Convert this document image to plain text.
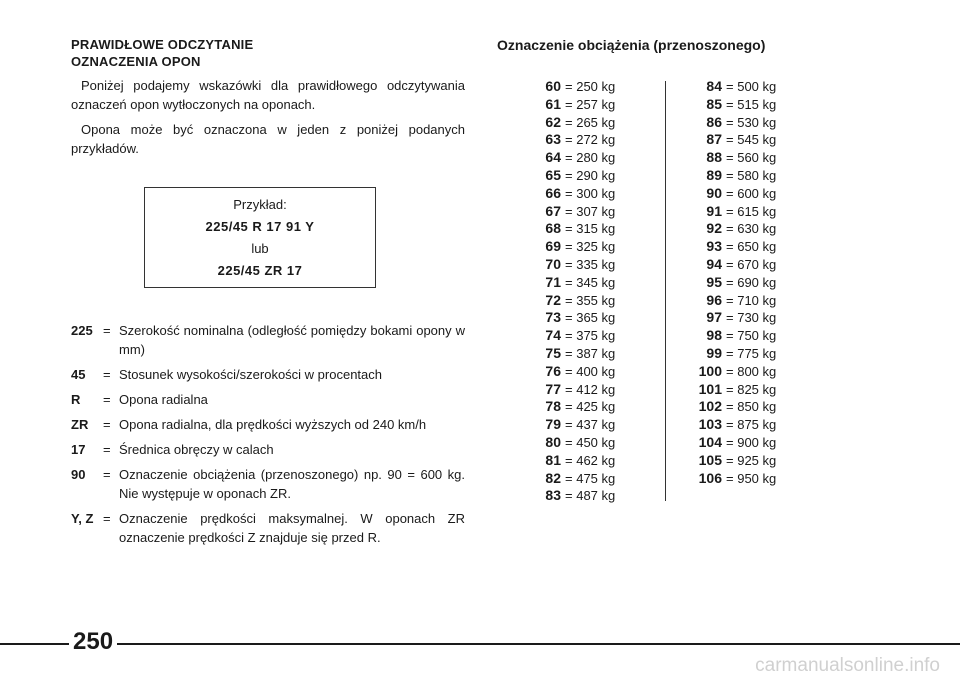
PRAWIDŁOWE ODCZYTANIE
OZNACZENIA OPON

Poniżej podajemy wskazówki dla prawidłowego odczytywania oznaczeń opon wytłoczonych na oponach.

Opona może być oznaczona w jeden z poniżej podanych przykładów.

Przykład:
225/45 R 17 91 Y
lub
225/45 ZR 17
225 = Szerokość nominalna (odległość pomiędzy bokami opony w mm)
45	= Stosunek wysokości/szerokości w procentach
R	= Opona radialna
ZR	= Opona radialna, dla prędkości wyższych od 240 km/h
17	= Średnica obręczy w calach
90	= Oznaczenie obciążenia (przenoszonego) np. 90 = 600 kg. Nie występuje w oponach ZR.
Y, Z = Oznaczenie prędkości maksymalnej. W oponach ZR oznaczenie prędkości Z znajduje się przed R.
Oznaczenie obciążenia (przenoszonego)
60 = 250 kg
61 = 257 kg
62 = 265 kg
63 = 272 kg
64 = 280 kg
65 = 290 kg
66 = 300 kg
67 = 307 kg
68 = 315 kg
69 = 325 kg
70 = 335 kg
71 = 345 kg
72 = 355 kg
73 = 365 kg
74 = 375 kg
75 = 387 kg
76 = 400 kg
77 = 412 kg
78 = 425 kg
79 = 437 kg
80 = 450 kg
81 = 462 kg
82 = 475 kg
83 = 487 kg
84 = 500 kg
85 = 515 kg
86 = 530 kg
87 = 545 kg
88 = 560 kg
89 = 580 kg
90 = 600 kg
91 = 615 kg
92 = 630 kg
93 = 650 kg
94 = 670 kg
95 = 690 kg
96 = 710 kg
97 = 730 kg
98 = 750 kg
99 = 775 kg
100 = 800 kg
101 = 825 kg
102 = 850 kg
103 = 875 kg
104 = 900 kg
105 = 925 kg
106 = 950 kg
250
carmanualsonline.info
